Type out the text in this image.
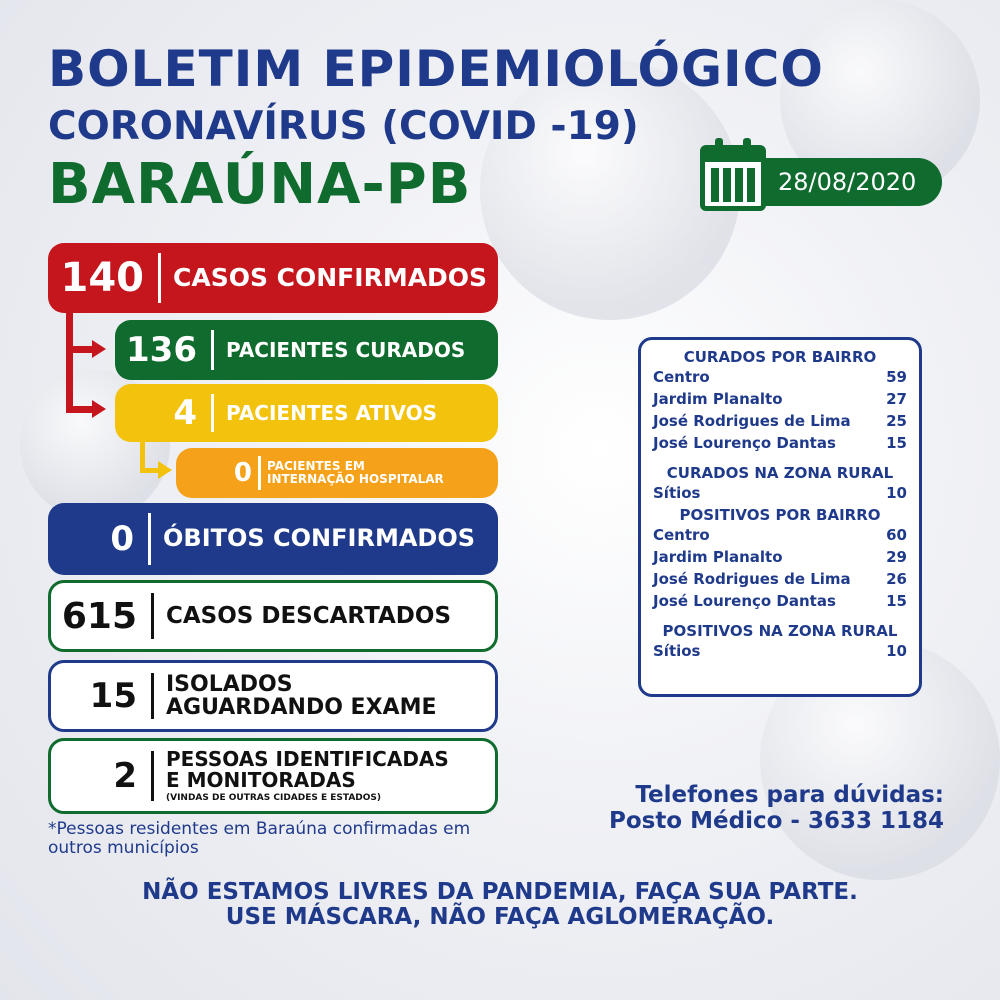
BOLETIM EPIDEMIOLÓGICO
CORONAVÍRUS (COVID -19)
BARAÚNA-PB	28/08/2020
140	CASOS CONFIRMADOS
136	PACIENTES CURADOS
4	PACIENTES ATIVOS
0	PACIENTES EM
INTERNAÇÃO HOSPITALAR
0	ÓBITOS CONFIRMADOS
615	CASOS DESCARTADOS
15	ISOLADOS
AGUARDANDO EXAME
2	PESSOAS IDENTIFICADAS
E MONITORADAS
(VINDAS DE OUTRAS CIDADES E ESTADOS)
*Pessoas residentes em Baraúna confirmadas em outros municípios
CURADOS POR BAIRRO
Centro	59
Jardim Planalto	27
José Rodrigues de Lima 25
José Lourenço Dantas	15
CURADOS NA ZONA RURAL
Sítios	10
POSITIVOS POR BAIRRO
Centro	60
Jardim Planalto	29
José Rodrigues de Lima 26
José Lourenço Dantas	15
POSITIVOS NA ZONA RURAL
Sítios	10
Telefones para dúvidas:
Posto Médico - 3633 1184
NÃO ESTAMOS LIVRES DA PANDEMIA, FAÇA SUA PARTE.
USE MÁSCARA, NÃO FAÇA AGLOMERAÇÃO.
